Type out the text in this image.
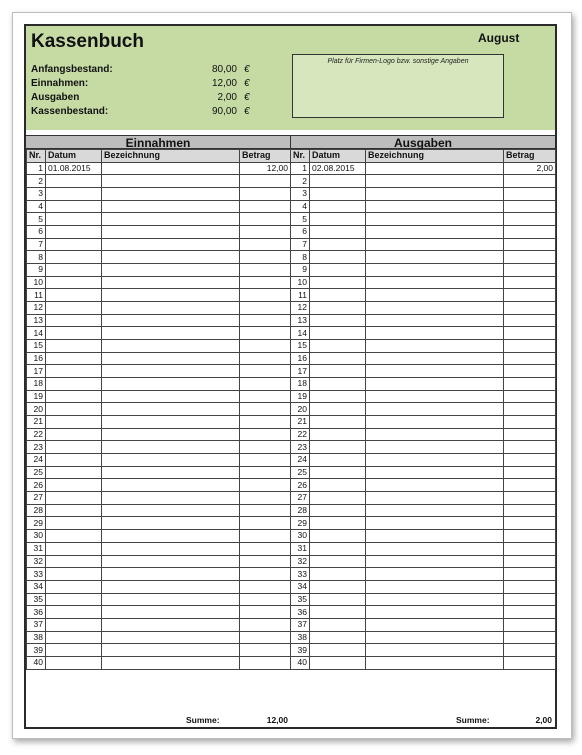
Kassenbuch	August
Anfangsbestand:	80,00 €
Einnahmen:	12,00 €
Ausgaben	2,00 €
Kassenbestand:	90,00 €
Platz für Firmen-Logo bzw. sonstige Angaben
Einnahmen	Ausgaben
Nr.	Datum	Bezeichnung	Betrag
1	01.08.2015		12,00
2			
3			
4			
5			
6			
7			
8			
9			
10			
11			
12			
13			
14			
15			
16			
17			
18			
19			
20			
21			
22			
23			
24			
25			
26			
27			
28			
29			
30			
31			
32			
33			
34			
35			
36			
37			
38			
39			
40			
Nr.	Datum	Bezeichnung	Betrag
1	02.08.2015		2,00
2			
3			
4			
5			
6			
7			
8			
9			
10			
11			
12			
13			
14			
15			
16			
17			
18			
19			
20			
21			
22			
23			
24			
25			
26			
27			
28			
29			
30			
31			
32			
33			
34			
35			
36			
37			
38			
39			
40			
Summe:	12,00	Summe:	2,00
